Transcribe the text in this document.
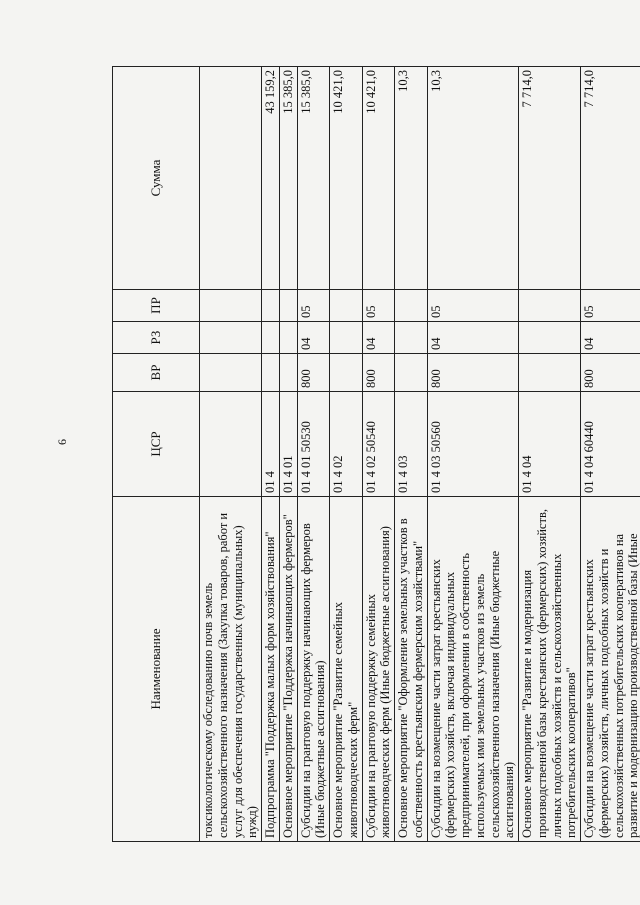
6
Наименование	ЦСР	ВР	РЗ	ПР	Сумма
токсикологическому обследованию почв земель сельскохозяйственного назначения (Закупка товаров, работ и услуг для обеспечения государственных (муниципальных) нужд)					
Подпрограмма "Поддержка малых форм хозяйствования"	01 4				43 159,2
Основное мероприятие "Поддержка начинающих фермеров"	01 4 01				15 385,0
Субсидии на грантовую поддержку начинающих фермеров (Иные бюджетные ассигнования)	01 4 01 50530	800	04	05	15 385,0
Основное мероприятие "Развитие семейных животноводческих ферм"	01 4 02				10 421,0
Субсидии на грантовую поддержку семейных животноводческих ферм (Иные бюджетные ассигнования)	01 4 02 50540	800	04	05	10 421,0
Основное мероприятие "Оформление земельных участков в собственность крестьянским фермерским хозяйствами"	01 4 03				10,3
Субсидии на возмещение части затрат крестьянских (фермерских) хозяйств, включая индивидуальных предпринимателей, при оформлении в собственность используемых ими земельных участков из земель сельскохозяйственного назначения (Иные бюджетные ассигнования)	01 4 03 50560	800	04	05	10,3
Основное мероприятие "Развитие и модернизация производственной базы крестьянских (фермерских) хозяйств, личных подсобных хозяйств и сельскохозяйственных потребительских кооперативов"	01 4 04				7 714,0
Субсидии на возмещение части затрат крестьянских (фермерских) хозяйств, личных подсобных хозяйств и сельскохозяйственных потребительских кооперативов на развитие и модернизацию производственной базы (Иные	01 4 04 60440	800	04	05	7 714,0
